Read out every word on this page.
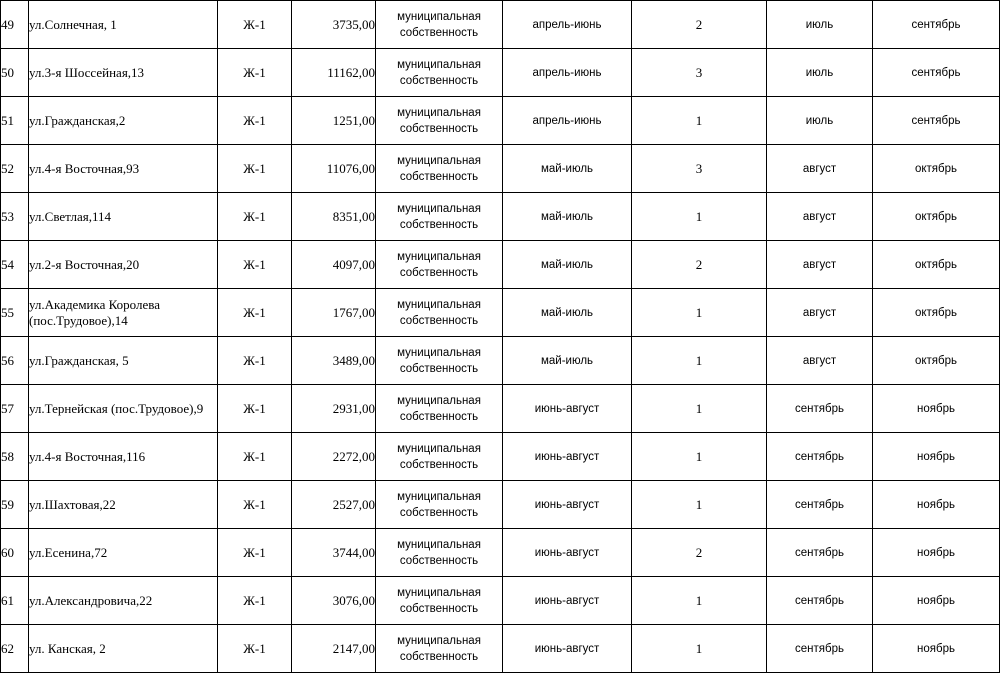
49	ул.Солнечная, 1	Ж-1	3735,00	муниципальная собственность	апрель-июнь	2	июль	сентябрь
50	ул.3-я Шоссейная,13	Ж-1	11162,00	муниципальная собственность	апрель-июнь	3	июль	сентябрь
51	ул.Гражданская,2	Ж-1	1251,00	муниципальная собственность	апрель-июнь	1	июль	сентябрь
52	ул.4-я Восточная,93	Ж-1	11076,00	муниципальная собственность	май-июль	3	август	октябрь
53	ул.Светлая,114	Ж-1	8351,00	муниципальная собственность	май-июль	1	август	октябрь
54	ул.2-я Восточная,20	Ж-1	4097,00	муниципальная собственность	май-июль	2	август	октябрь
55	ул.Академика Королева (пос.Трудовое),14	Ж-1	1767,00	муниципальная собственность	май-июль	1	август	октябрь
56	ул.Гражданская, 5	Ж-1	3489,00	муниципальная собственность	май-июль	1	август	октябрь
57	ул.Тернейская (пос.Трудовое),9	Ж-1	2931,00	муниципальная собственность	июнь-август	1	сентябрь	ноябрь
58	ул.4-я Восточная,116	Ж-1	2272,00	муниципальная собственность	июнь-август	1	сентябрь	ноябрь
59	ул.Шахтовая,22	Ж-1	2527,00	муниципальная собственность	июнь-август	1	сентябрь	ноябрь
60	ул.Есенина,72	Ж-1	3744,00	муниципальная собственность	июнь-август	2	сентябрь	ноябрь
61	ул.Александровича,22	Ж-1	3076,00	муниципальная собственность	июнь-август	1	сентябрь	ноябрь
62	ул. Канская, 2	Ж-1	2147,00	муниципальная собственность	июнь-август	1	сентябрь	ноябрь
